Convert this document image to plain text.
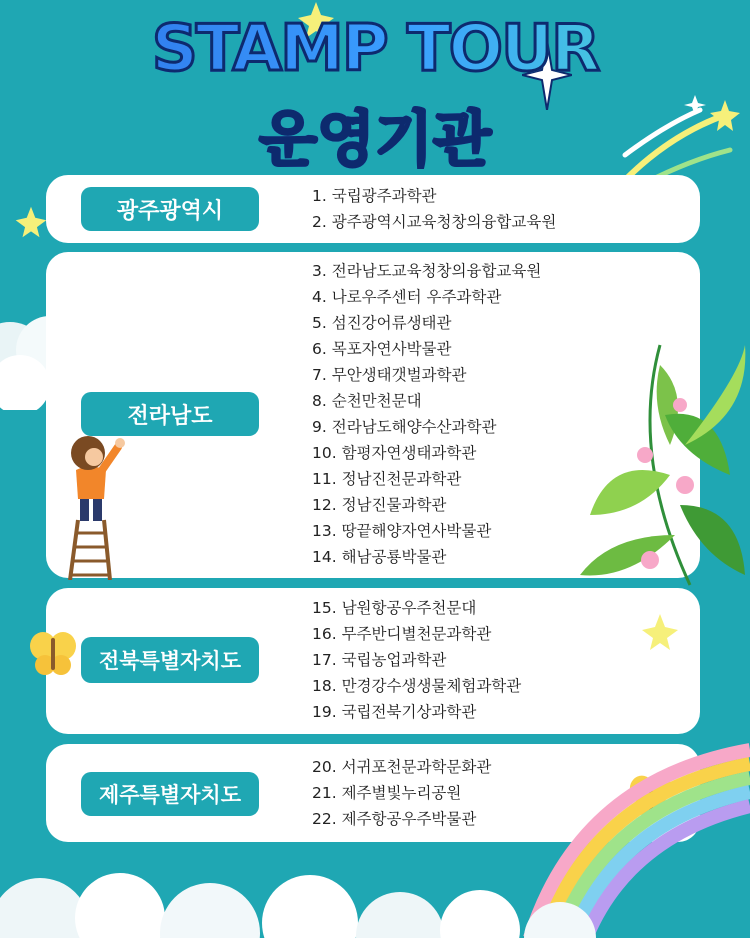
STAMP TOUR
운영기관
광주광역시
1. 국립광주과학관
2. 광주광역시교육청창의융합교육원
전라남도
3. 전라남도교육청창의융합교육원
4. 나로우주센터 우주과학관
5. 섬진강어류생태관
6. 목포자연사박물관
7. 무안생태갯벌과학관
8. 순천만천문대
9. 전라남도해양수산과학관
10. 함평자연생태과학관
11. 정남진천문과학관
12. 정남진물과학관
13. 땅끝해양자연사박물관
14. 해남공룡박물관
전북특별자치도
15. 남원항공우주천문대
16. 무주반디별천문과학관
17. 국립농업과학관
18. 만경강수생생물체험과학관
19. 국립전북기상과학관
제주특별자치도
20. 서귀포천문과학문화관
21. 제주별빛누리공원
22. 제주항공우주박물관
